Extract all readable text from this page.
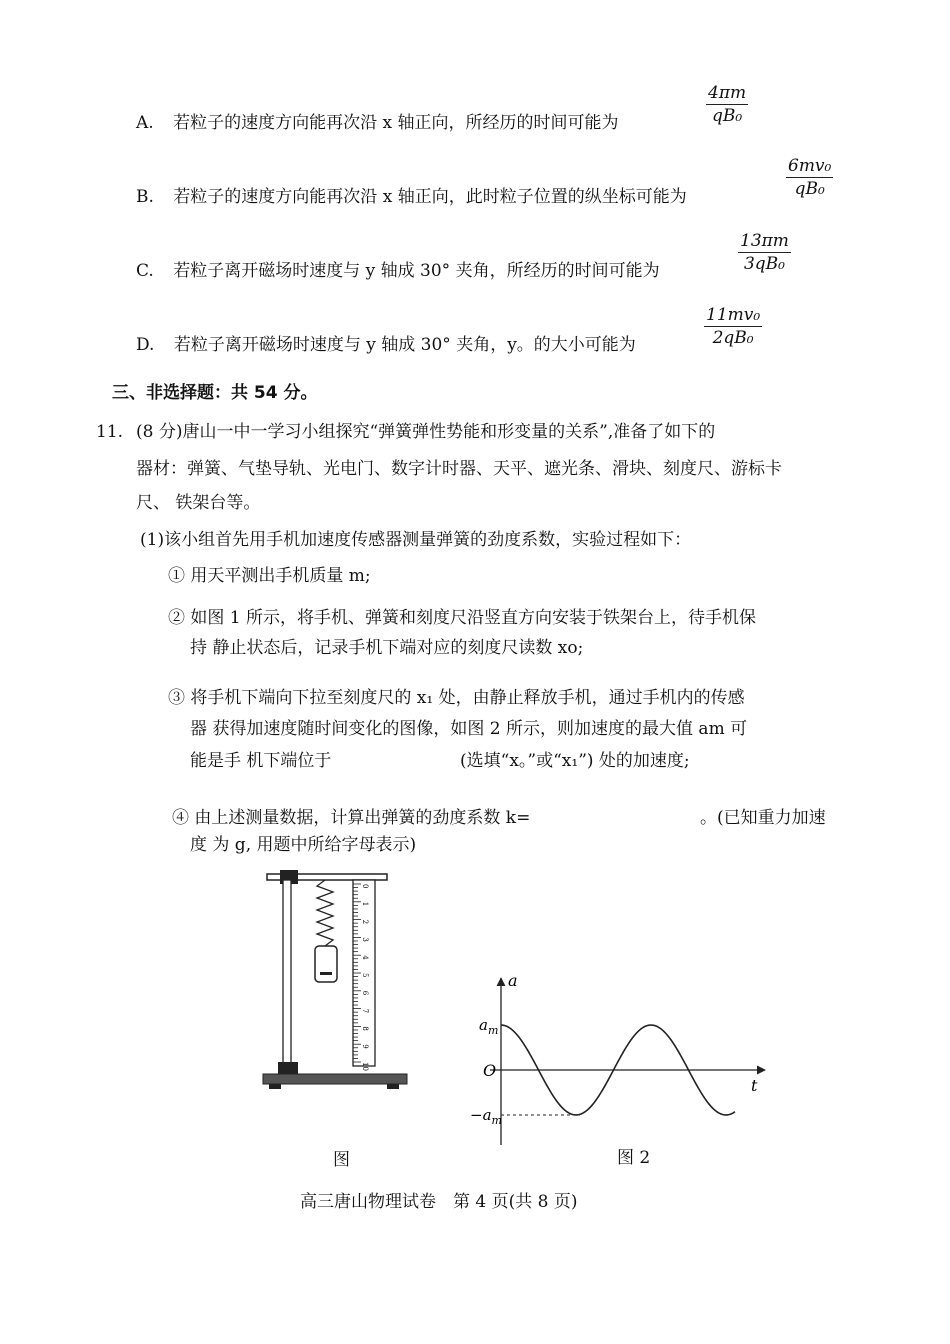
A. 若粒子的速度方向能再次沿 x 轴正向，所经历的时间可能为	$\frac{4\pi m}{\text{qB₀}}$
B. 若粒子的速度方向能再次沿 x 轴正向，此时粒子位置的纵坐标可能为	$\frac{\text{6mv₀}}{\text{qB₀}}$
C. 若粒子离开磁场时速度与 y 轴成 30° 夹角，所经历的时间可能为	$\frac{13\pi m}{\text{3qB₀}}$
D. 若粒子离开磁场时速度与 y 轴成 30° 夹角，y。的大小可能为	$\frac{\text{11mv₀}}{\text{2qB₀}}$
三、非选择题：共 54 分。
11. (8 分)唐山一中一学习小组探究“弹簧弹性势能和形变量的关系”,准备了如下的
器材：弹簧、气垫导轨、光电门、数字计时器、天平、遮光条、滑块、刻度尺、游标卡
尺、 铁架台等。
(1)该小组首先用手机加速度传感器测量弹簧的劲度系数，实验过程如下：
① 用天平测出手机质量 m;
② 如图 1 所示，将手机、弹簧和刻度尺沿竖直方向安装于铁架台上，待手机保
持 静止状态后，记录手机下端对应的刻度尺读数 xo;
③ 将手机下端向下拉至刻度尺的 x₁ 处，由静止释放手机，通过手机内的传感
器 获得加速度随时间变化的图像，如图 2 所示，则加速度的最大值 am 可
能是手 机下端位于	(选填“x。”或“x₁”) 处的加速度;
④ 由上述测量数据，计算出弹簧的劲度系数 k=	。(已知重力加速
度 为 g, 用题中所给字母表示)
0
1
2
3
4
5
6
7
8
9
10
图
a
t
O
$a_m$
$-a_m$
图 2
高三唐山物理试卷　第 4 页(共 8 页)
